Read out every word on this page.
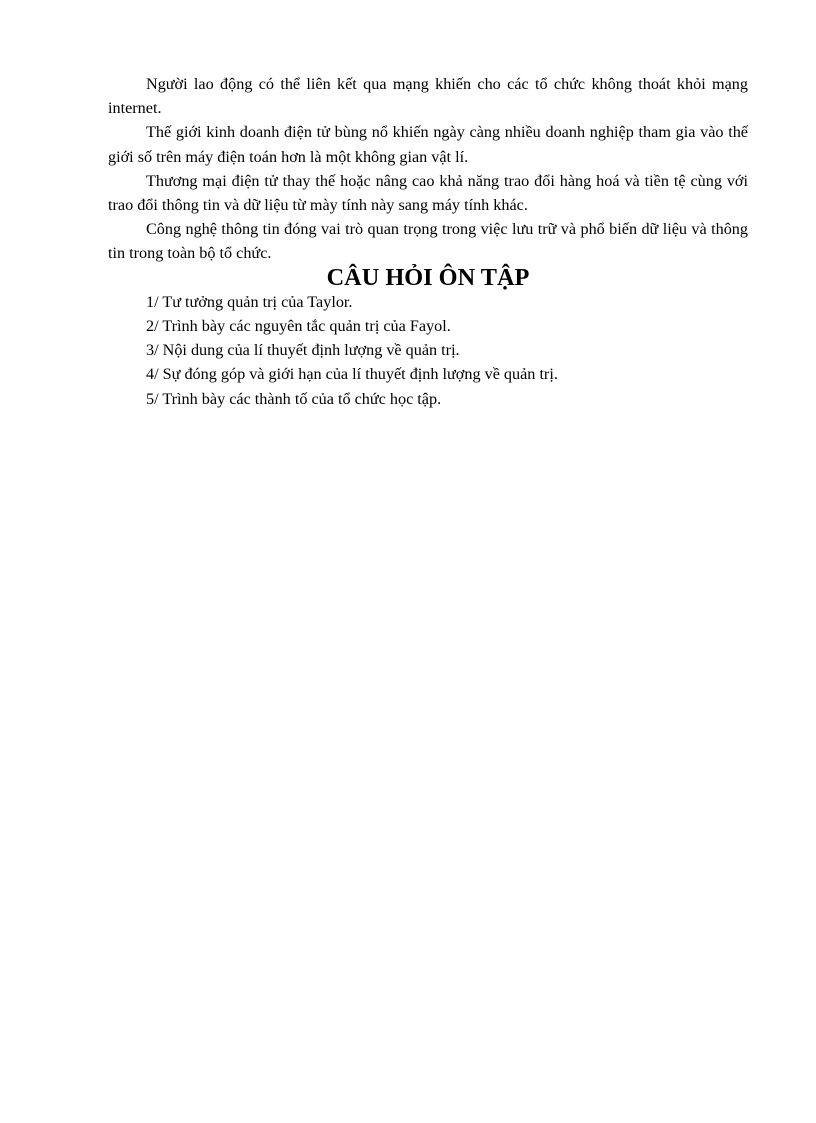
Người lao động có thể liên kết qua mạng khiến cho các tổ chức không thoát khỏi mạng internet.

Thế giới kinh doanh điện tử bùng nổ khiến ngày càng nhiều doanh nghiệp tham gia vào thế giới số trên máy điện toán hơn là một không gian vật lí.

Thương mại điện tử thay thế hoặc nâng cao khả năng trao đổi hàng hoá và tiền tệ cùng với trao đổi thông tin và dữ liệu từ mày tính này sang máy tính khác.

Công nghệ thông tin đóng vai trò quan trọng trong việc lưu trữ và phổ biến dữ liệu và thông tin trong toàn bộ tổ chức.

CÂU HỎI ÔN TẬP
1/ Tư tưởng quản trị của Taylor.
2/ Trình bày các nguyên tắc quản trị của Fayol.
3/ Nội dung của lí thuyết định lượng về quản trị.
4/ Sự đóng góp và giới hạn của lí thuyết định lượng về quản trị.
5/ Trình bày các thành tố của tổ chức học tập.
